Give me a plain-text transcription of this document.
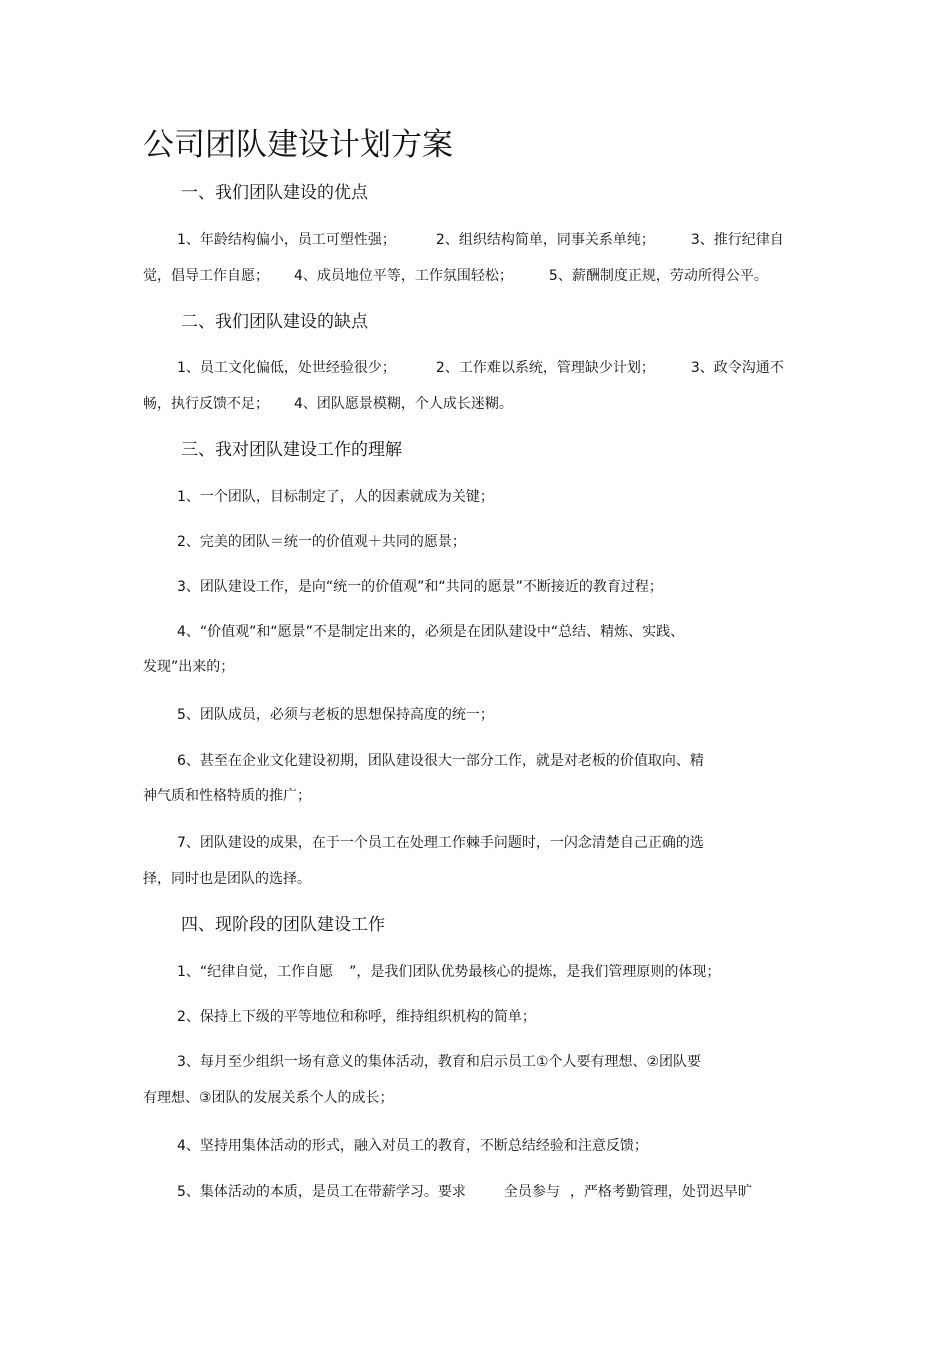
公司团队建设计划方案
一、我们团队建设的优点
1、年龄结构偏小，员工可塑性强；	2、组织结构简单，同事关系单纯；	3、推行纪律自
觉，倡导工作自愿； 4、成员地位平等，工作氛围轻松；	5、薪酬制度正规，劳动所得公平。
二、我们团队建设的缺点
1、员工文化偏低，处世经验很少；	2、工作难以系统，管理缺少计划；	3、政令沟通不
畅，执行反馈不足； 4、团队愿景模糊，个人成长迷糊。
三、我对团队建设工作的理解
1、一个团队，目标制定了，人的因素就成为关键；
2、完美的团队＝统一的价值观＋共同的愿景；
3、团队建设工作，是向“统一的价值观”和“共同的愿景”不断接近的教育过程；
4、“价值观”和“愿景”不是制定出来的，必须是在团队建设中“总结、精炼、实践、
发现”出来的；
5、团队成员，必须与老板的思想保持高度的统一；
6、甚至在企业文化建设初期，团队建设很大一部分工作，就是对老板的价值取向、精
神气质和性格特质的推广；
7、团队建设的成果，在于一个员工在处理工作棘手问题时，一闪念清楚自己正确的选
择，同时也是团队的选择。
四、现阶段的团队建设工作
1、“纪律自觉，工作自愿 ”，是我们团队优势最核心的提炼，是我们管理原则的体现；
2、保持上下级的平等地位和称呼，维持组织机构的简单；
3、每月至少组织一场有意义的集体活动，教育和启示员工①个人要有理想、②团队要
有理想、③团队的发展关系个人的成长；
4、坚持用集体活动的形式，融入对员工的教育，不断总结经验和注意反馈；
5、集体活动的本质，是员工在带薪学习。要求	全员参与 ，严格考勤管理，处罚迟早旷
